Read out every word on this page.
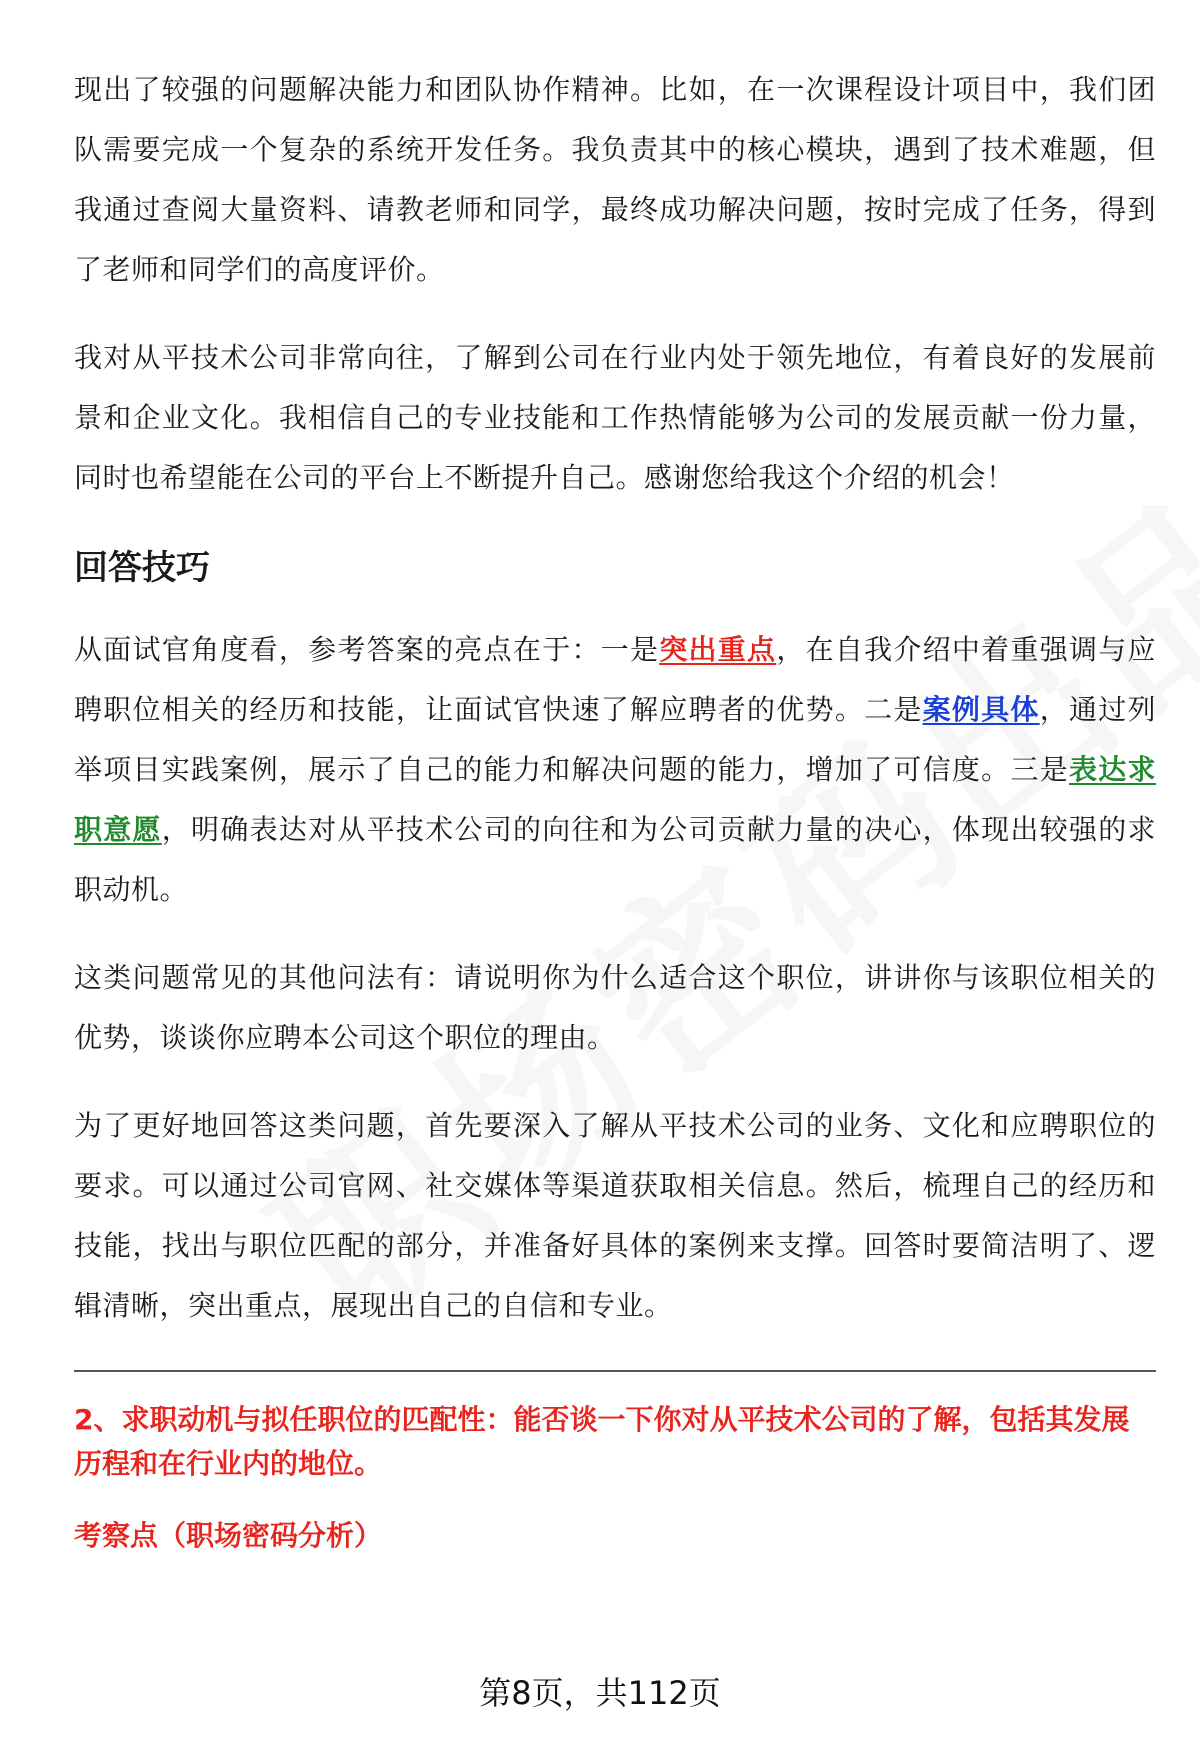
现出了较强的问题解决能力和团队协作精神。比如，在一次课程设计项目中，我们团队需要完成一个复杂的系统开发任务。我负责其中的核心模块，遇到了技术难题，但我通过查阅大量资料、请教老师和同学，最终成功解决问题，按时完成了任务，得到了老师和同学们的高度评价。

我对从平技术公司非常向往，了解到公司在行业内处于领先地位，有着良好的发展前景和企业文化。我相信自己的专业技能和工作热情能够为公司的发展贡献一份力量，同时也希望能在公司的平台上不断提升自己。感谢您给我这个介绍的机会！

回答技巧

从面试官角度看，参考答案的亮点在于：一是突出重点，在自我介绍中着重强调与应聘职位相关的经历和技能，让面试官快速了解应聘者的优势。二是案例具体，通过列举项目实践案例，展示了自己的能力和解决问题的能力，增加了可信度。三是表达求职意愿，明确表达对从平技术公司的向往和为公司贡献力量的决心，体现出较强的求职动机。

这类问题常见的其他问法有：请说明你为什么适合这个职位，讲讲你与该职位相关的优势，谈谈你应聘本公司这个职位的理由。

为了更好地回答这类问题，首先要深入了解从平技术公司的业务、文化和应聘职位的要求。可以通过公司官网、社交媒体等渠道获取相关信息。然后，梳理自己的经历和技能，找出与职位匹配的部分，并准备好具体的案例来支撑。回答时要简洁明了、逻辑清晰，突出重点，展现出自己的自信和专业。

2、求职动机与拟任职位的匹配性：能否谈一下你对从平技术公司的了解，包括其发展历程和在行业内的地位。

考察点（职场密码分析）

第8页，共112页
